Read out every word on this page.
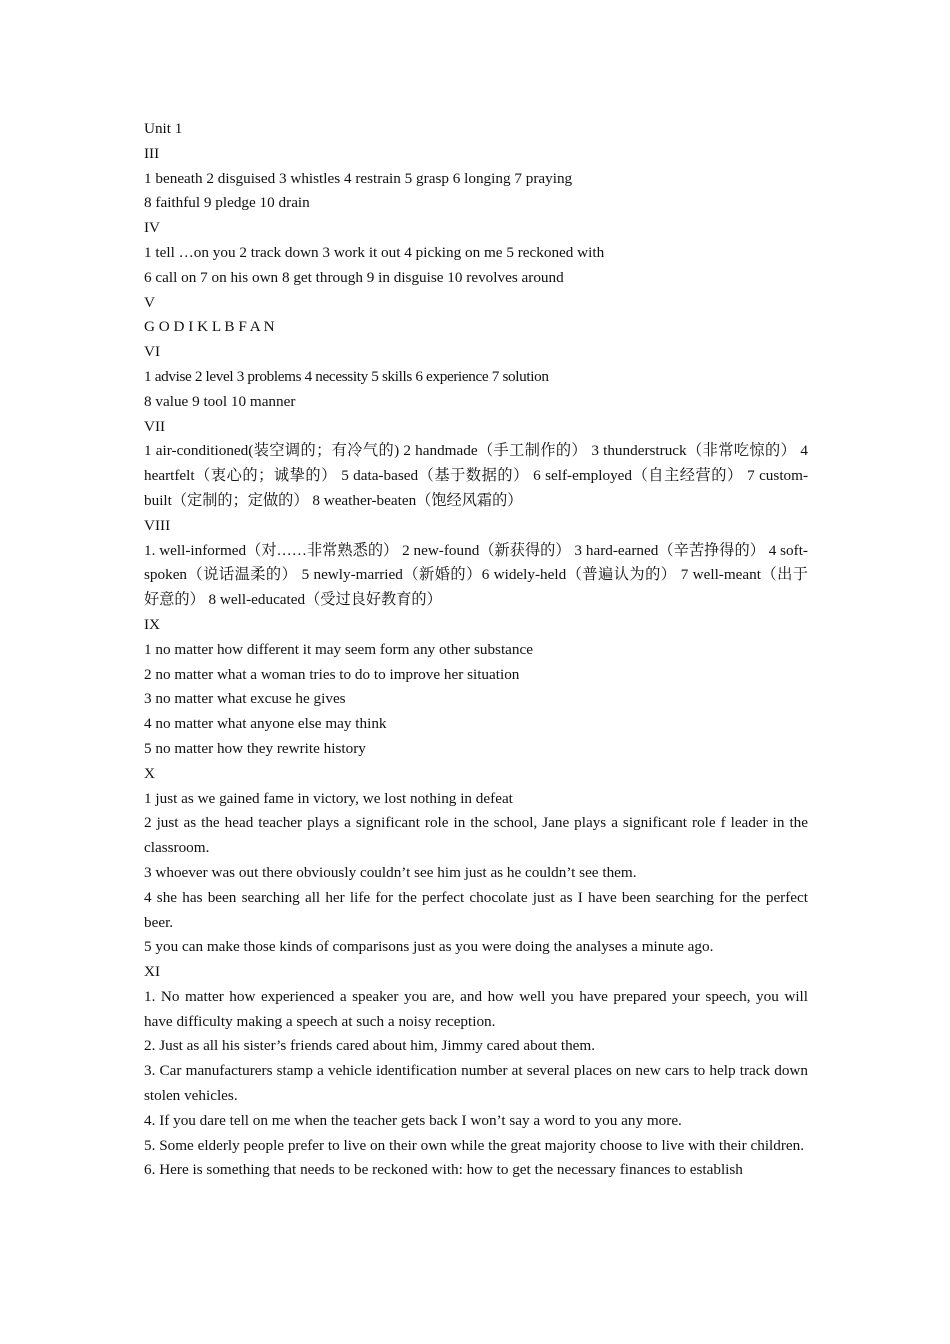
Unit 1
III
1 beneath 2 disguised 3 whistles 4 restrain 5 grasp 6 longing 7 praying
8 faithful 9 pledge 10 drain
IV
1 tell …on you 2 track down 3 work it out 4 picking on me 5 reckoned with
6 call on 7 on his own 8 get through 9 in disguise 10 revolves around
V
G O D I K L B F A N
VI
1 advise 2 level 3 problems 4 necessity 5 skills 6 experience 7 solution
8 value 9 tool 10 manner
VII
1 air-conditioned(装空调的；有冷气的) 2 handmade（手工制作的） 3 thunderstruck（非常吃惊的） 4 heartfelt（衷心的；诚挚的） 5 data-based（基于数据的） 6 self-employed（自主经营的） 7 custom-built（定制的；定做的） 8 weather-beaten（饱经风霜的）
VIII
1. well-informed（对……非常熟悉的） 2 new-found（新获得的） 3 hard-earned（辛苦挣得的） 4 soft-spoken（说话温柔的） 5 newly-married（新婚的）6 widely-held（普遍认为的） 7 well-meant（出于好意的） 8 well-educated（受过良好教育的）
IX
1 no matter how different it may seem form any other substance
2 no matter what a woman tries to do to improve her situation
3 no matter what excuse he gives
4 no matter what anyone else may think
5 no matter how they rewrite history
X
1 just as we gained fame in victory, we lost nothing in defeat
2 just as the head teacher plays a significant role in the school, Jane plays a significant role f leader in the classroom.
3 whoever was out there obviously couldn’t see him just as he couldn’t see them.
4 she has been searching all her life for the perfect chocolate just as I have been searching for the perfect beer.
5 you can make those kinds of comparisons just as you were doing the analyses a minute ago.
XI
1. No matter how experienced a speaker you are, and how well you have prepared your speech, you will have difficulty making a speech at such a noisy reception.
2. Just as all his sister’s friends cared about him, Jimmy cared about them.
3. Car manufacturers stamp a vehicle identification number at several places on new cars to help track down stolen vehicles.
4. If you dare tell on me when the teacher gets back I won’t say a word to you any more.
5. Some elderly people prefer to live on their own while the great majority choose to live with their children.
6. Here is something that needs to be reckoned with: how to get the necessary finances to establish
